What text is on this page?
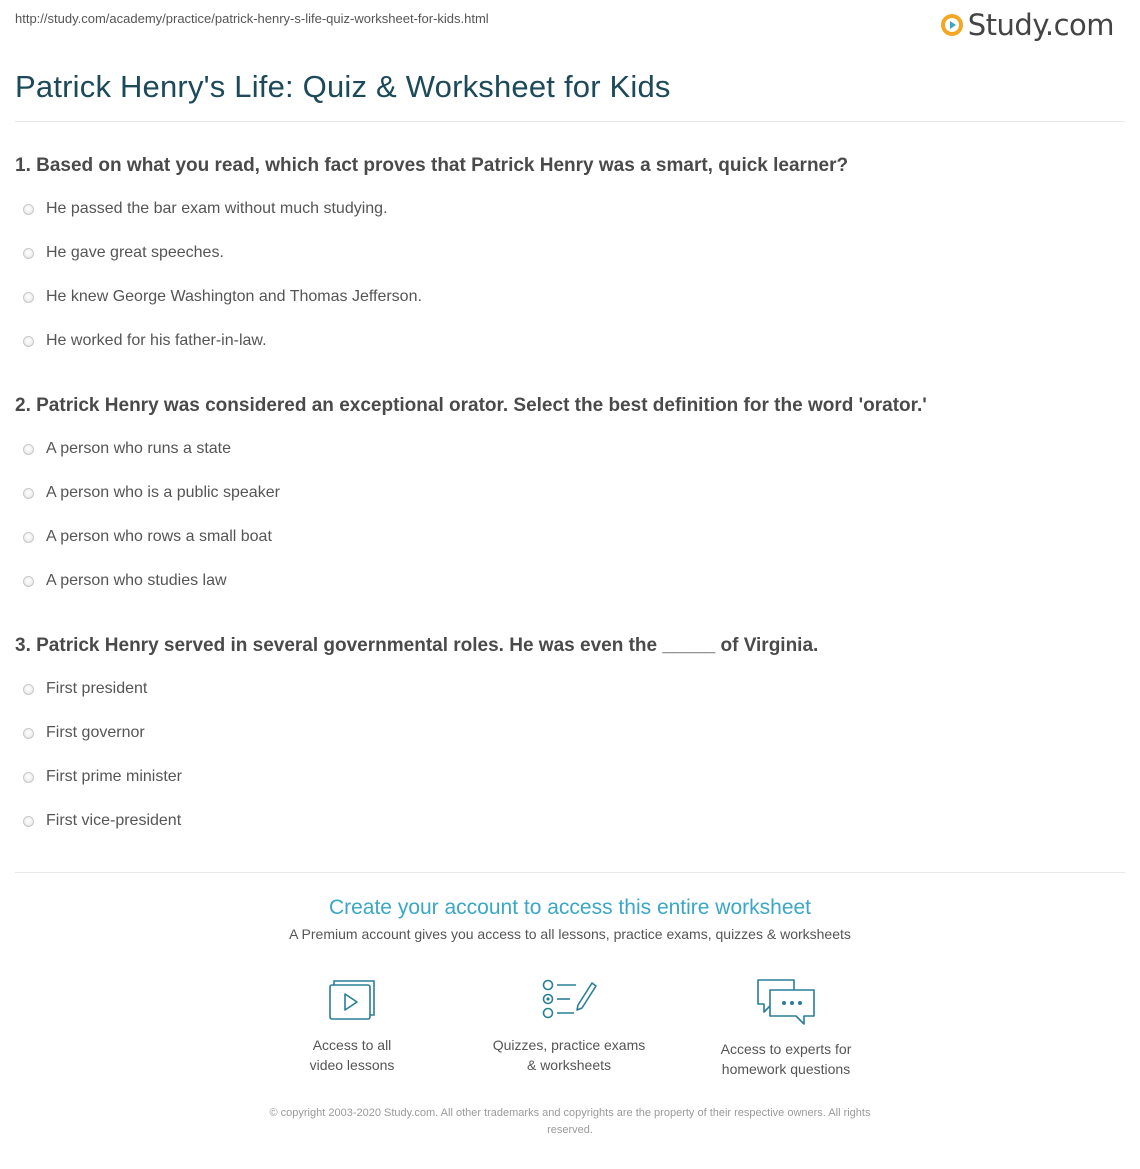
http://study.com/academy/practice/patrick-henry-s-life-quiz-worksheet-for-kids.html	Study.com
Patrick Henry's Life: Quiz & Worksheet for Kids
1. Based on what you read, which fact proves that Patrick Henry was a smart, quick learner?
He passed the bar exam without much studying.
He gave great speeches.
He knew George Washington and Thomas Jefferson.
He worked for his father-in-law.
2. Patrick Henry was considered an exceptional orator. Select the best definition for the word 'orator.'
A person who runs a state
A person who is a public speaker
A person who rows a small boat
A person who studies law
3. Patrick Henry served in several governmental roles. He was even the _____ of Virginia.
First president
First governor
First prime minister
First vice-president
Create your account to access this entire worksheet
A Premium account gives you access to all lessons, practice exams, quizzes & worksheets
Access to all
video lessons
Quizzes, practice exams
& worksheets
Access to experts for
homework questions
© copyright 2003-2020 Study.com. All other trademarks and copyrights are the property of their respective owners. All rights
reserved.
